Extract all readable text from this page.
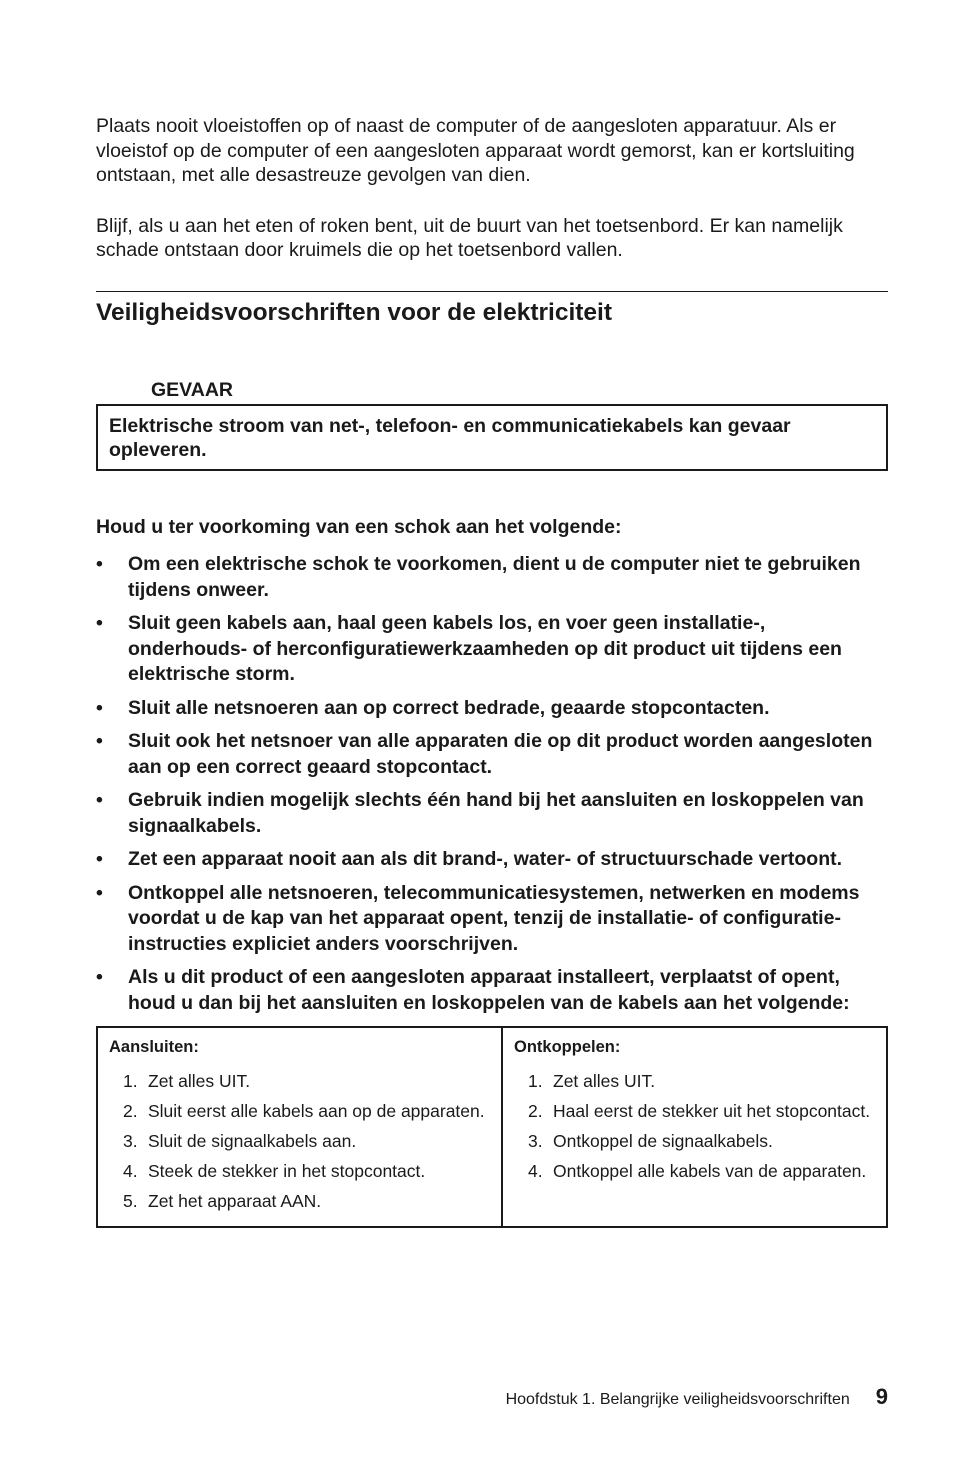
Plaats nooit vloeistoffen op of naast de computer of de aangesloten apparatuur. Als er vloeistof op de computer of een aangesloten apparaat wordt gemorst, kan er kortsluiting ontstaan, met alle desastreuze gevolgen van dien.

Blijf, als u aan het eten of roken bent, uit de buurt van het toetsenbord. Er kan namelijk schade ontstaan door kruimels die op het toetsenbord vallen.

Veiligheidsvoorschriften voor de elektriciteit
GEVAAR
Elektrische stroom van net-, telefoon- en communicatiekabels kan gevaar opleveren.
Houd u ter voorkoming van een schok aan het volgende:
• Om een elektrische schok te voorkomen, dient u de computer niet te gebruiken tijdens onweer.
• Sluit geen kabels aan, haal geen kabels los, en voer geen installatie-, onderhouds- of herconfiguratiewerkzaamheden op dit product uit tijdens een elektrische storm.
• Sluit alle netsnoeren aan op correct bedrade, geaarde stopcontacten.
• Sluit ook het netsnoer van alle apparaten die op dit product worden aangesloten aan op een correct geaard stopcontact.
• Gebruik indien mogelijk slechts één hand bij het aansluiten en loskoppelen van signaalkabels.
• Zet een apparaat nooit aan als dit brand-, water- of structuurschade vertoont.
• Ontkoppel alle netsnoeren, telecommunicatiesystemen, netwerken en modems voordat u de kap van het apparaat opent, tenzij de installatie- of configuratie-instructies expliciet anders voorschrijven.
• Als u dit product of een aangesloten apparaat installeert, verplaatst of opent, houd u dan bij het aansluiten en loskoppelen van de kabels aan het volgende:
Aansluiten:
1. Zet alles UIT.
2. Sluit eerst alle kabels aan op de apparaten.
3. Sluit de signaalkabels aan.
4. Steek de stekker in het stopcontact.
5. Zet het apparaat AAN.

Ontkoppelen:
1. Zet alles UIT.
2. Haal eerst de stekker uit het stopcontact.
3. Ontkoppel de signaalkabels.
4. Ontkoppel alle kabels van de apparaten.
Hoofdstuk 1. Belangrijke veiligheidsvoorschriften 9
